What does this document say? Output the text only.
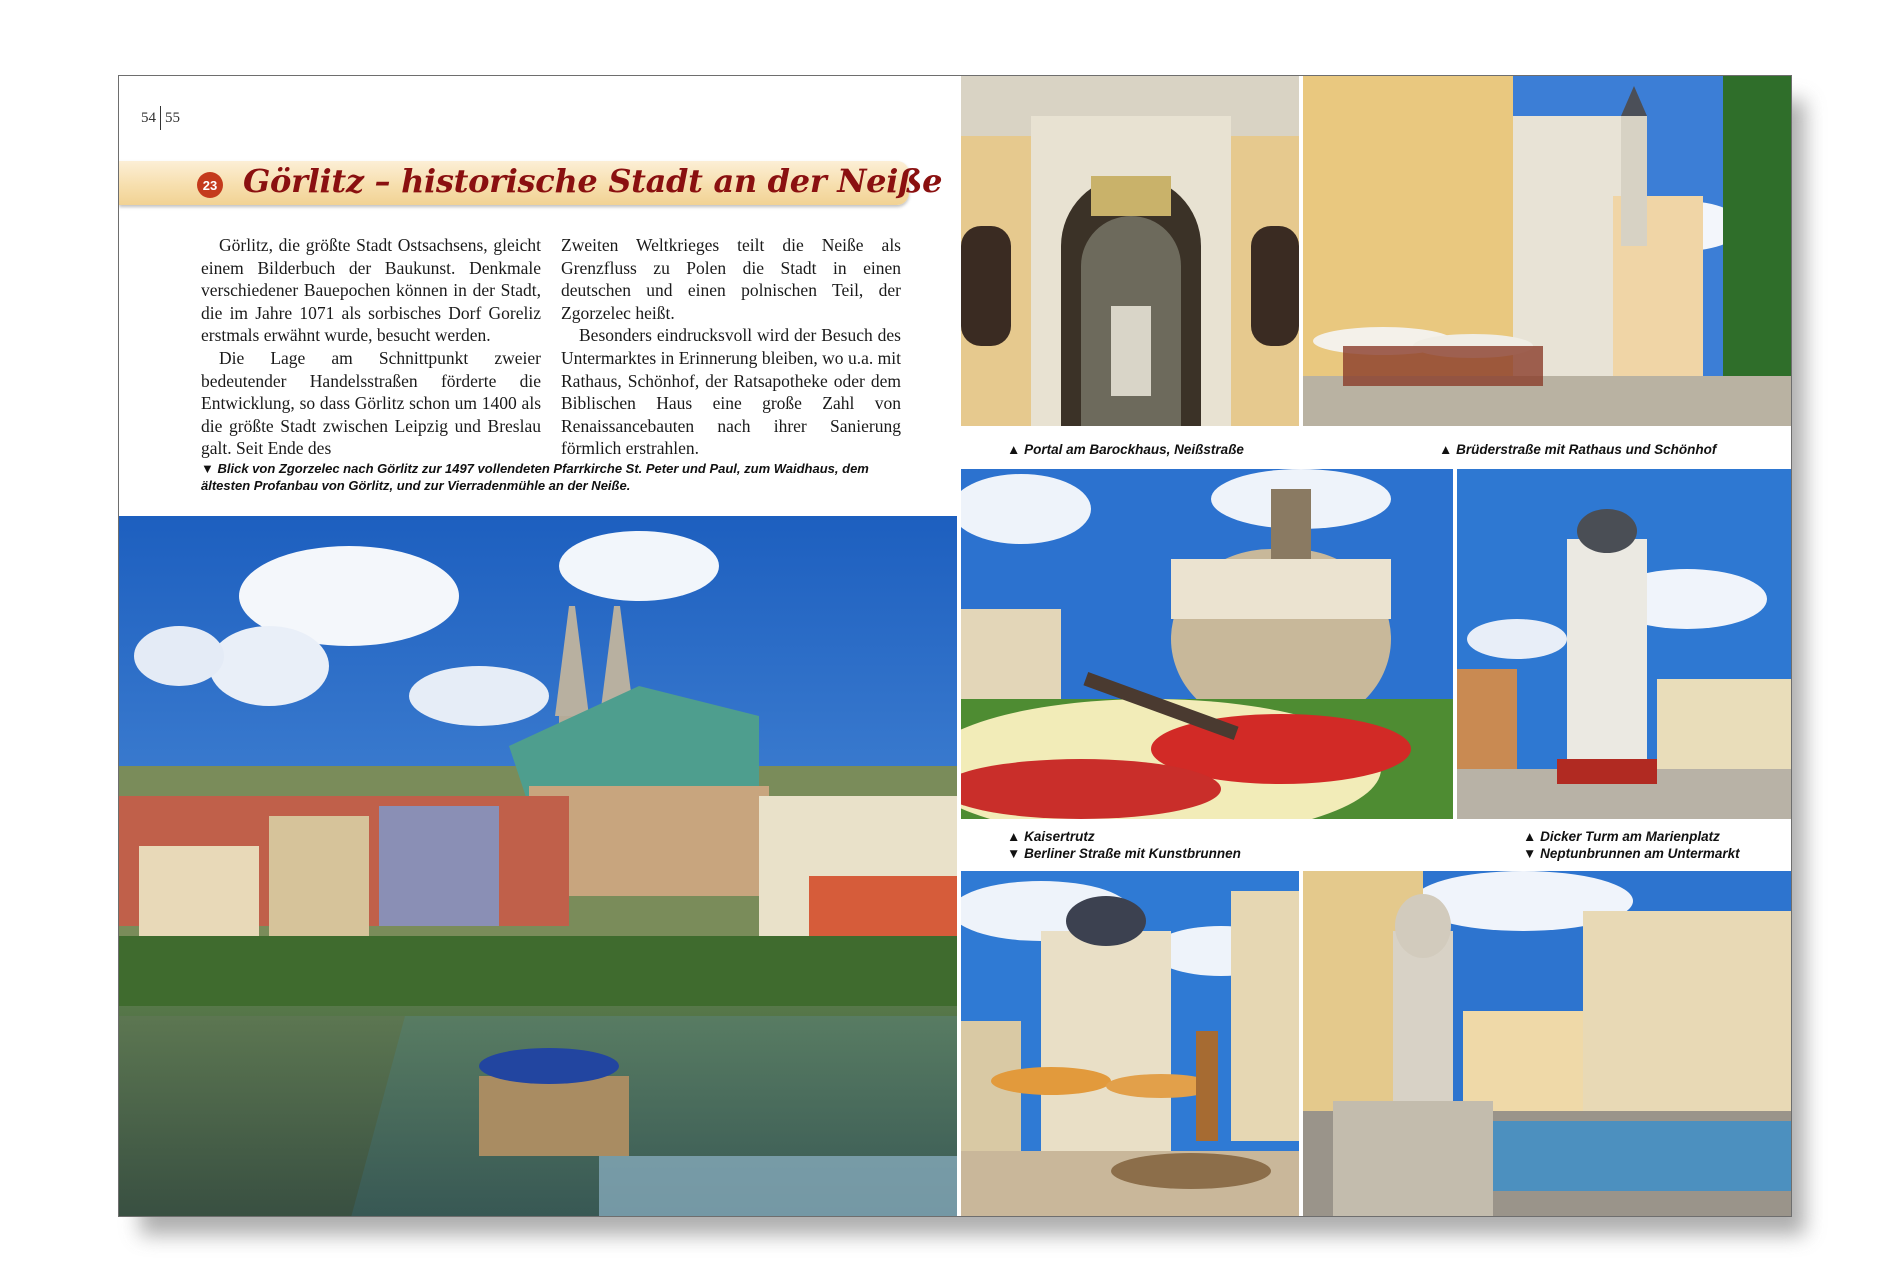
54 55
23 Görlitz – historische Stadt an der Neiße

Görlitz, die größte Stadt Ostsachsens, gleicht einem Bilderbuch der Baukunst. Denkmale verschiedener Bauepochen können in der Stadt, die im Jahre 1071 als sorbisches Dorf Goreliz erstmals erwähnt wurde, besucht werden.

Die Lage am Schnittpunkt zweier bedeutender Handelsstraßen förderte die Entwicklung, so dass Görlitz schon um 1400 als die größte Stadt zwischen Leipzig und Breslau galt. Seit Ende des

Zweiten Weltkrieges teilt die Neiße als Grenzfluss zu Polen die Stadt in einen deutschen und einen polnischen Teil, der Zgorzelec heißt.

Besonders eindrucksvoll wird der Besuch des Untermarktes in Erinnerung bleiben, wo u.a. mit Rathaus, Schönhof, der Ratsapotheke oder dem Biblischen Haus eine große Zahl von Renaissancebauten nach ihrer Sanierung förmlich erstrahlen.

▼ Blick von Zgorzelec nach Görlitz zur 1497 vollendeten Pfarrkirche St. Peter und Paul, zum Waidhaus, dem ältesten Profanbau von Görlitz, und zur Vierradenmühle an der Neiße.
▲ Portal am Barockhaus, Neißstraße	▲ Brüderstraße mit Rathaus und Schönhof
▲ Kaisertrutz
▼ Berliner Straße mit Kunstbrunnen
▲ Dicker Turm am Marienplatz
▼ Neptunbrunnen am Untermarkt
